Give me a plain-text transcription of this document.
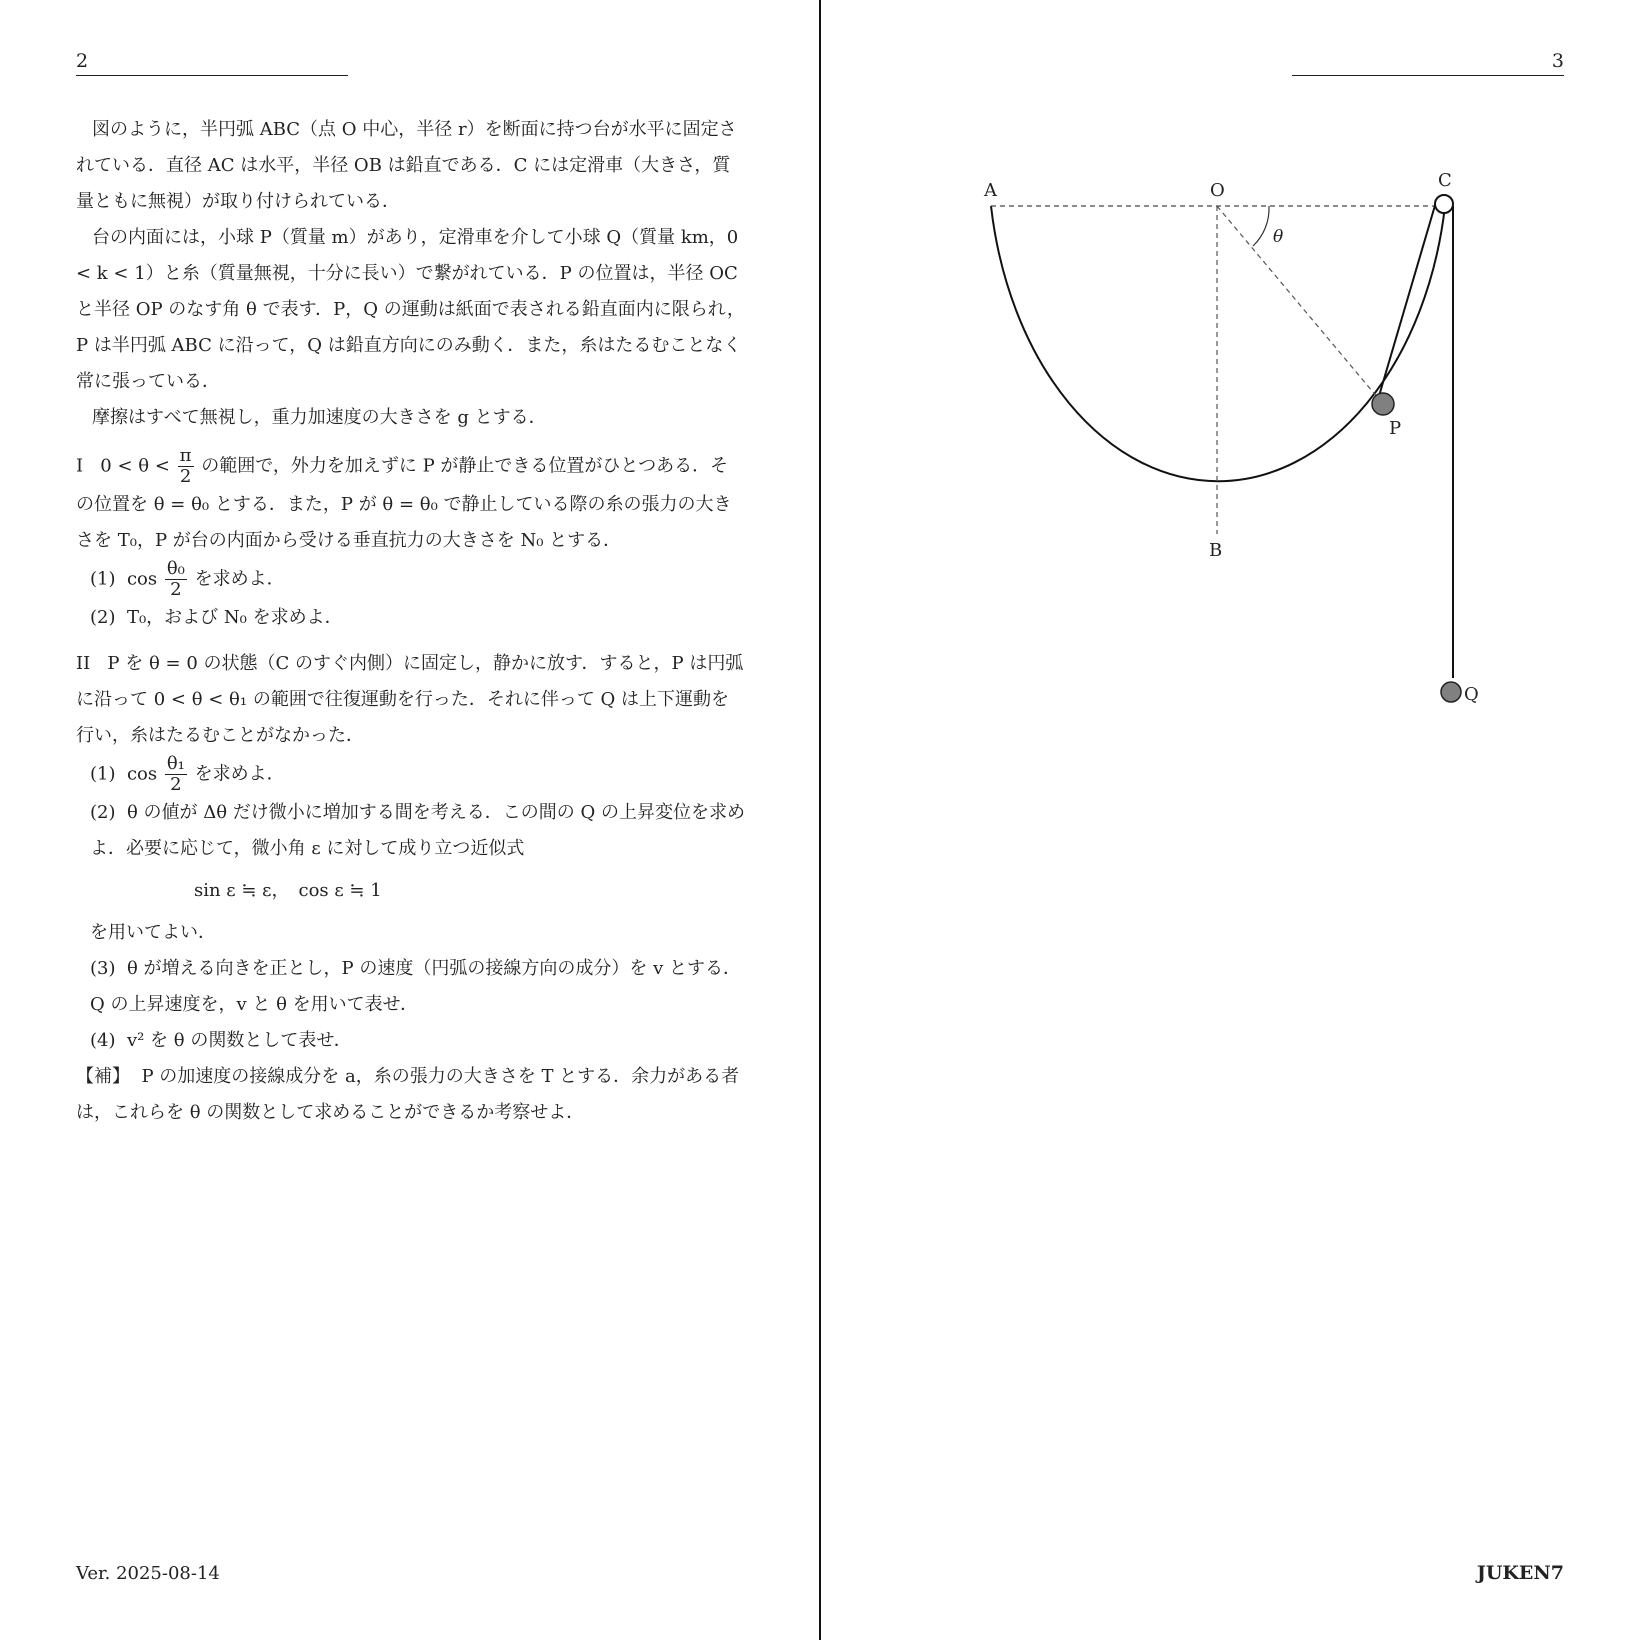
2

図のように，半円弧 ABC（点 O 中心，半径 r）を断面に持つ台が水平に固定されている．直径 AC は水平，半径 OB は鉛直である．C には定滑車（大きさ，質量ともに無視）が取り付けられている．

台の内面には，小球 P（質量 m）があり，定滑車を介して小球 Q（質量 km，0 < k < 1）と糸（質量無視，十分に長い）で繋がれている．P の位置は，半径 OC と半径 OP のなす角 θ で表す．P，Q の運動は紙面で表される鉛直面内に限られ，P は半円弧 ABC に沿って，Q は鉛直方向にのみ動く．また，糸はたるむことなく常に張っている．

摩擦はすべて無視し，重力加速度の大きさを g とする．

I $0 < \theta < \frac{\pi}{2}$ の範囲で，外力を加えずに P が静止できる位置がひとつある．その位置を θ = θ₀ とする．また，P が θ = θ₀ で静止している際の糸の張力の大きさを T₀，P が台の内面から受ける垂直抗力の大きさを N₀ とする．

(1) $\cos \frac{\text{θ₀}}{2}$ を求めよ．

(2) T₀，および N₀ を求めよ．

II P を θ = 0 の状態（C のすぐ内側）に固定し，静かに放す．すると，P は円弧に沿って 0 < θ < θ₁ の範囲で往復運動を行った．それに伴って Q は上下運動を行い，糸はたるむことがなかった．

(1) $\cos \frac{\text{θ₁}}{2}$ を求めよ．

(2) θ の値が Δθ だけ微小に増加する間を考える．この間の Q の上昇変位を求めよ．必要に応じて，微小角 ε に対して成り立つ近似式

sin ε ≒ ε，　cos ε ≒ 1

を用いてよい．

(3) θ が増える向きを正とし，P の速度（円弧の接線方向の成分）を v とする．Q の上昇速度を，v と θ を用いて表せ．

(4) v² を θ の関数として表せ．

【補】 P の加速度の接線成分を a，糸の張力の大きさを T とする．余力がある者は，これらを θ の関数として求めることができるか考察せよ．

Ver. 2025-08-14
3
A	O	C
B
P
Q
θ
JUKEN7
